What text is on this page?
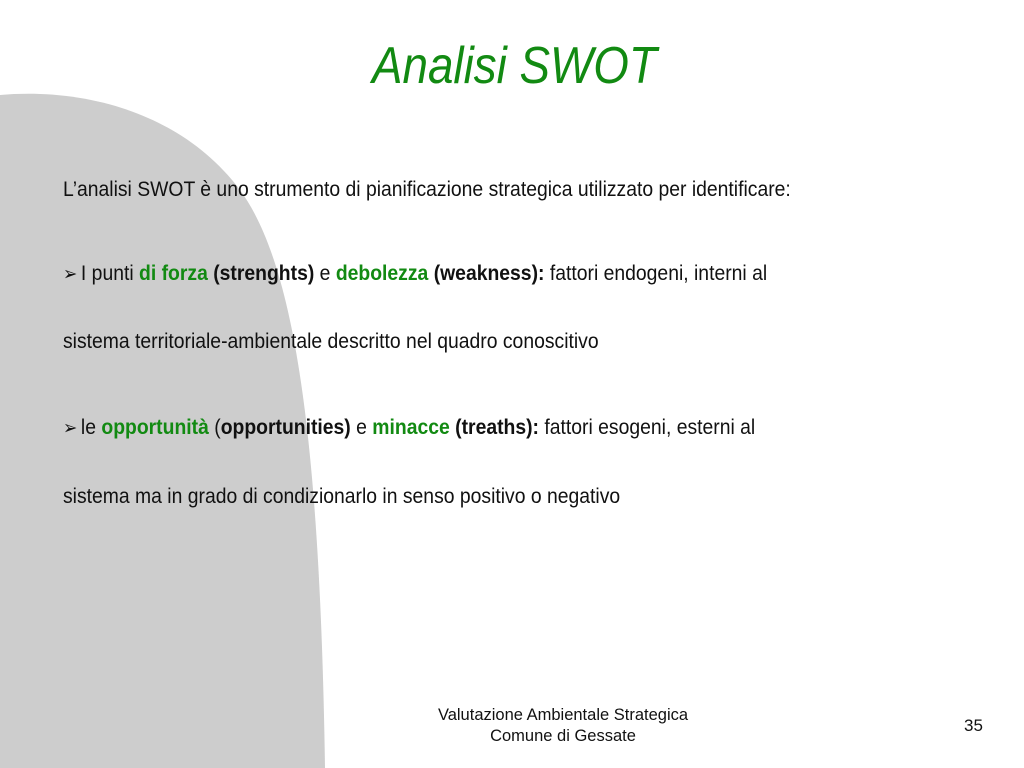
Analisi SWOT
L’analisi SWOT è uno strumento di pianificazione strategica utilizzato per identificare:
➢ I punti di forza (strenghts) e debolezza (weakness): fattori endogeni, interni al
sistema territoriale-ambientale descritto nel quadro conoscitivo
➢ le opportunità (opportunities) e minacce (treaths): fattori esogeni, esterni al
sistema ma in grado di condizionarlo in senso positivo o negativo
Valutazione Ambientale Strategica
Comune di Gessate
35
